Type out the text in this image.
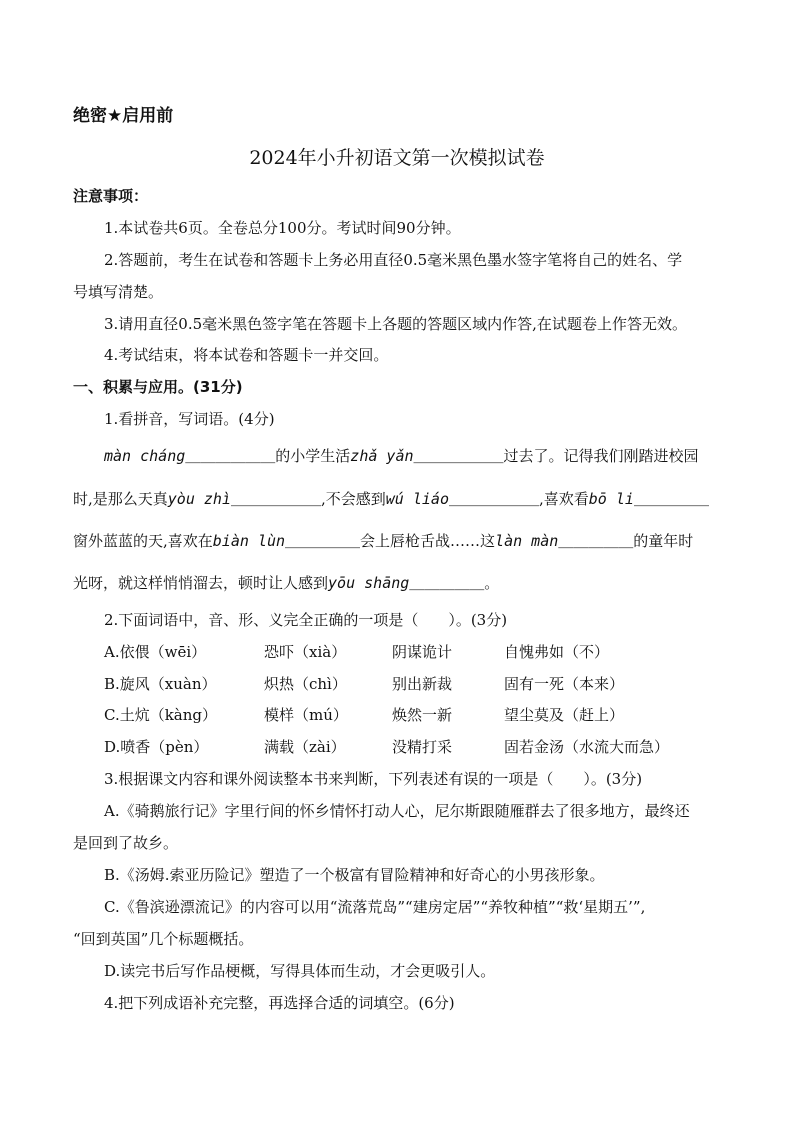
绝密★启用前
2024年小升初语文第一次模拟试卷
注意事项：
1.本试卷共6页。全卷总分100分。考试时间90分钟。
2.答题前，考生在试卷和答题卡上务必用直径0.5毫米黑色墨水签字笔将自己的姓名、学
号填写清楚。
3.请用直径0.5毫米黑色签字笔在答题卡上各题的答题区域内作答,在试题卷上作答无效。
4.考试结束，将本试卷和答题卡一并交回。
一、积累与应用。(31分)
1.看拼音，写词语。(4分)
màn cháng＿＿＿＿＿＿的小学生活zhǎ yǎn＿＿＿＿＿＿过去了。记得我们刚踏进校园
时,是那么天真yòu zhì＿＿＿＿＿＿,不会感到wú liáo＿＿＿＿＿＿,喜欢看bō li＿＿＿＿＿
窗外蓝蓝的天,喜欢在biàn lùn＿＿＿＿＿会上唇枪舌战……这làn màn＿＿＿＿＿的童年时
光呀，就这样悄悄溜去，顿时让人感到yōu shāng＿＿＿＿＿。
2.下面词语中，音、形、义完全正确的一项是（　　）。(3分)
A.依偎（wēi）	恐吓（xià）	阴谋诡计	自愧弗如（不）
B.旋风（xuàn）	炽热（chì）	别出新裁	固有一死（本来）
C.土炕（kàng）	模样（mú）	焕然一新	望尘莫及（赶上）
D.喷香（pèn）	满载（zài）	没精打采	固若金汤（水流大而急）
3.根据课文内容和课外阅读整本书来判断，下列表述有误的一项是（　　）。(3分)
A.《骑鹅旅行记》字里行间的怀乡情怀打动人心，尼尔斯跟随雁群去了很多地方，最终还
是回到了故乡。
B.《汤姆.索亚历险记》塑造了一个极富有冒险精神和好奇心的小男孩形象。
C.《鲁滨逊漂流记》的内容可以用“流落荒岛”“建房定居”“养牧种植”“救‘星期五’”,
“回到英国”几个标题概括。
D.读完书后写作品梗概，写得具体而生动，才会更吸引人。
4.把下列成语补充完整，再选择合适的词填空。(6分)
